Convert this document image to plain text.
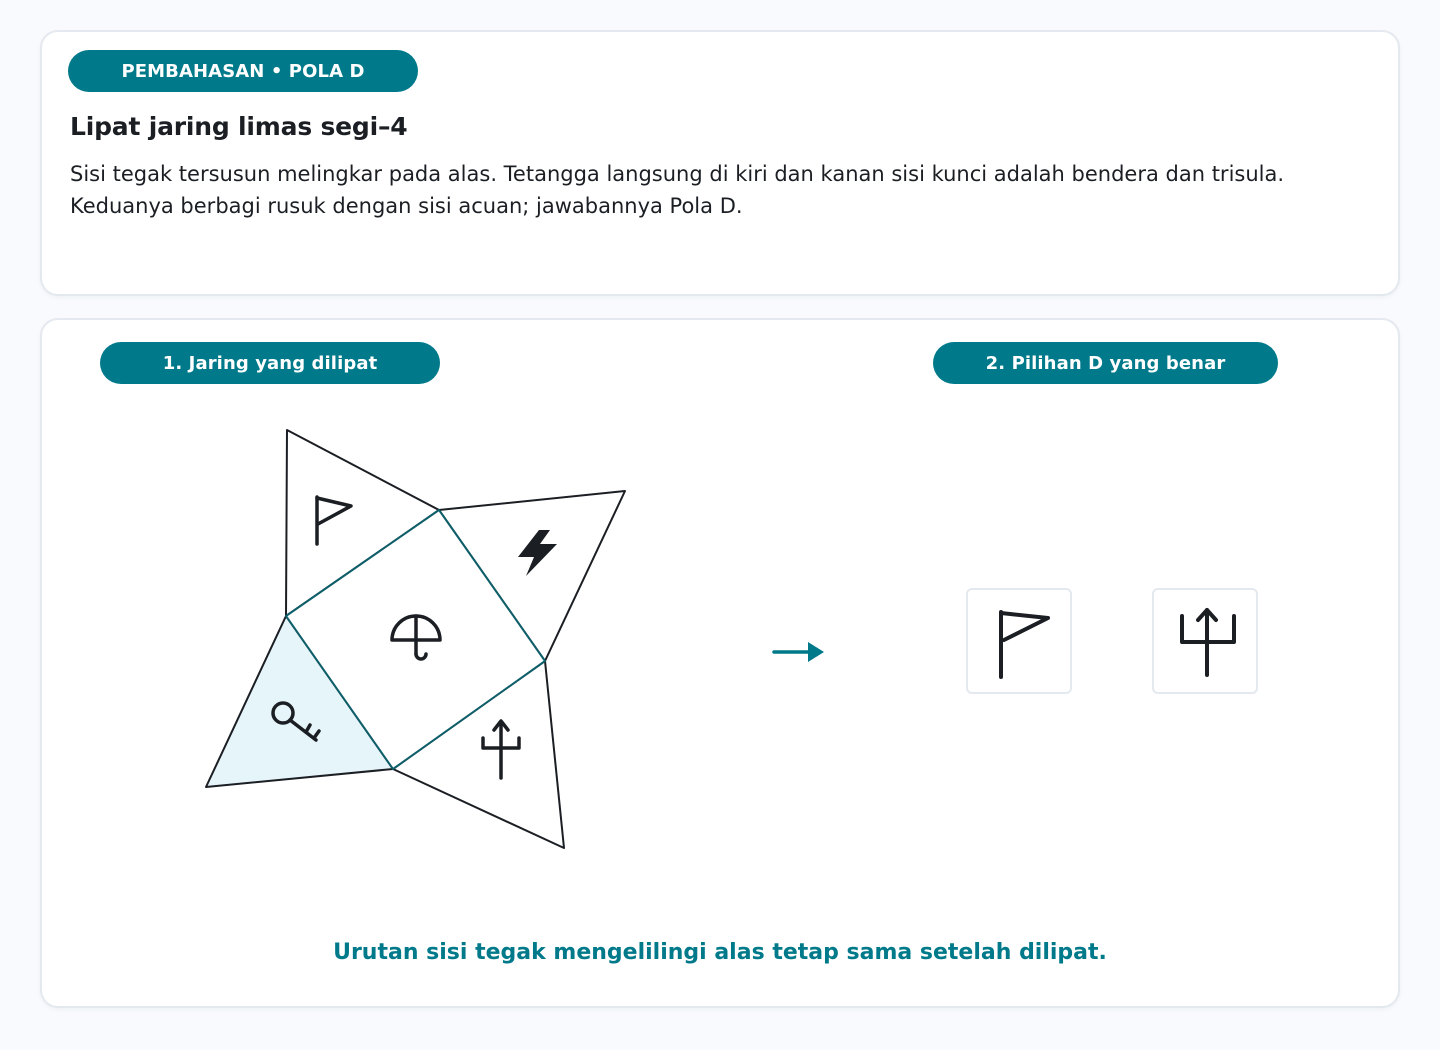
PEMBAHASAN • POLA D
Lipat jaring limas segi–4

Sisi tegak tersusun melingkar pada alas. Tetangga langsung di kiri dan kanan sisi kunci adalah bendera dan trisula.
Keduanya berbagi rusuk dengan sisi acuan; jawabannya Pola D.

1. Jaring yang dilipat	2. Pilihan D yang benar

Urutan sisi tegak mengelilingi alas tetap sama setelah dilipat.
